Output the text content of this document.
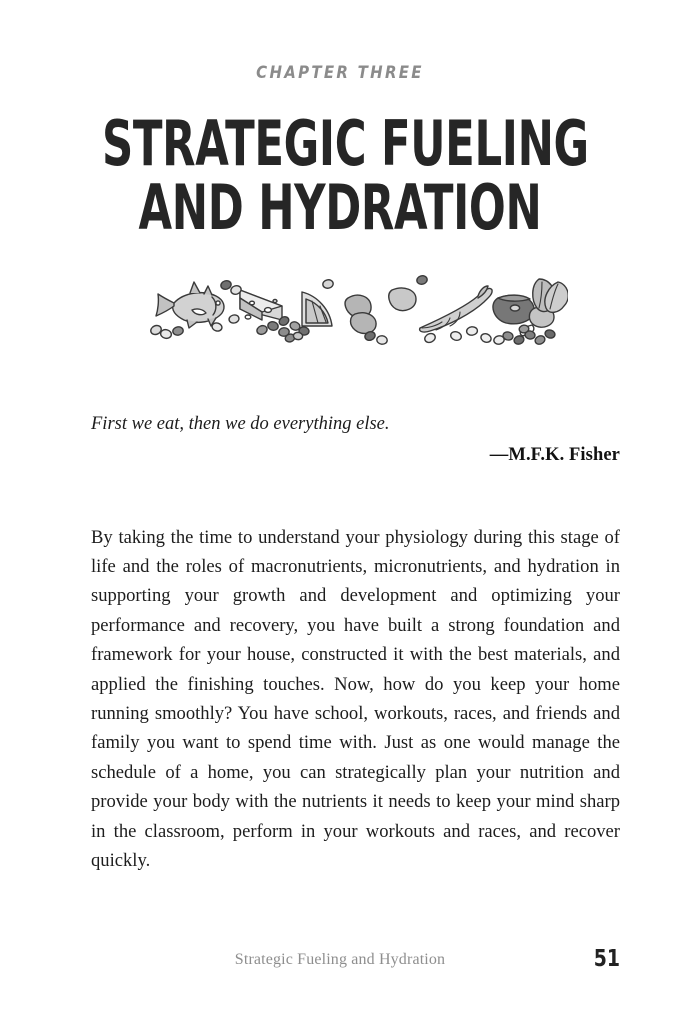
CHAPTER THREE
STRATEGIC FUELING
AND HYDRATION
First we eat, then we do everything else.
—M.F.K. Fisher

By taking the time to understand your physiology during this stage of life and the roles of macronutrients, micronutrients, and hydration in supporting your growth and development and optimizing your performance and recovery, you have built a strong foundation and framework for your house, constructed it with the best materials, and applied the finishing touches. Now, how do you keep your home running smoothly? You have school, workouts, races, and friends and family you want to spend time with. Just as one would manage the schedule of a home, you can strategically plan your nutrition and provide your body with the nutrients it needs to keep your mind sharp in the classroom, perform in your workouts and races, and recover quickly.

Strategic Fueling and Hydration	51
